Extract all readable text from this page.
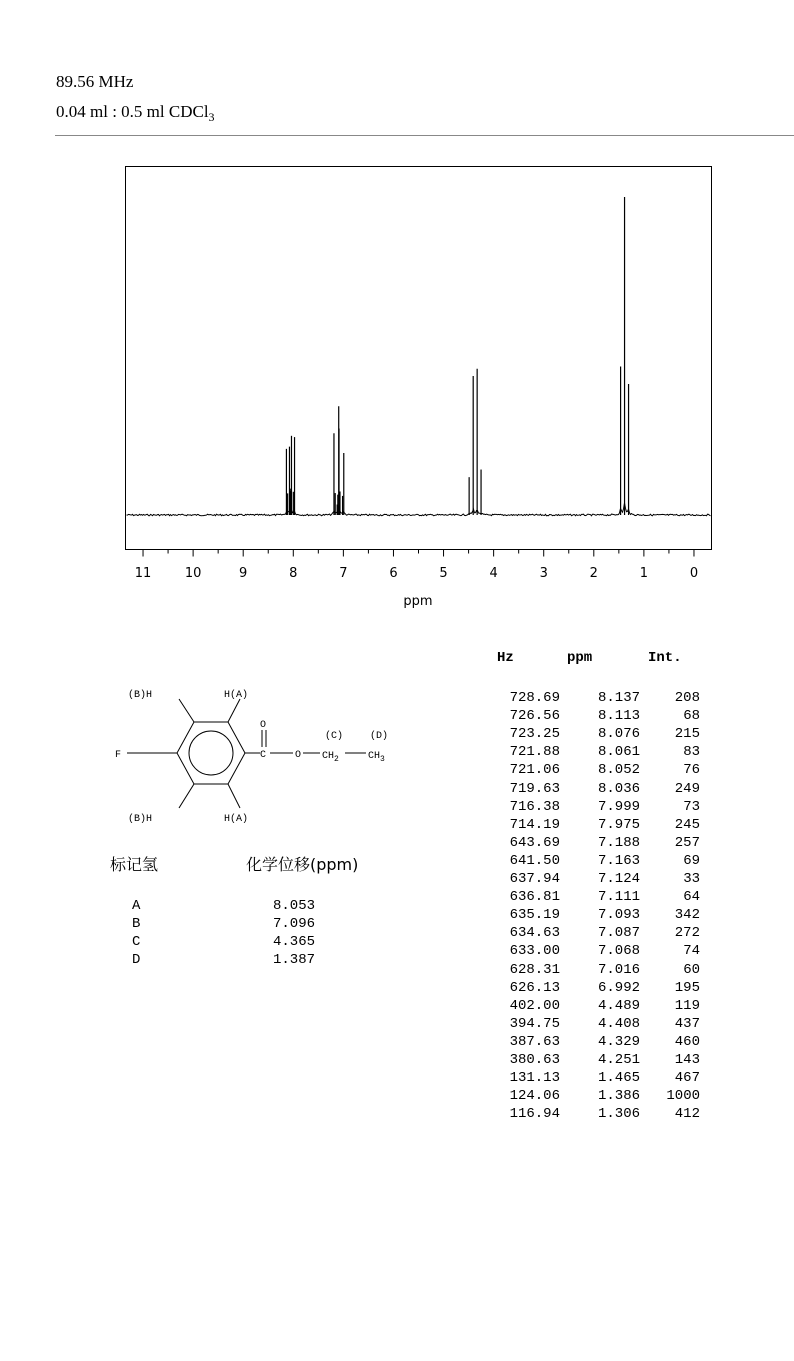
89.56 MHz
0.04 ml : 0.5 ml CDCl$_3$
11	10	9	8	7	6	5	4	3	2	1	0
ppm
(B)H	H(A)
(B)H	H(A)
F
O
C	O $CH_2$	$CH_3$
(C)	(D)
标记氢	化学位移(ppm)
A	8.053
B	7.096
C	4.365
D	1.387
Hz	ppm	Int.
728.69	8.137 208
726.56	8.113	68
723.25	8.076 215
721.88	8.061	83
721.06	8.052	76
719.63	8.036 249
716.38	7.999	73
714.19	7.975 245
643.69	7.188 257
641.50	7.163	69
637.94	7.124	33
636.81	7.111	64
635.19	7.093 342
634.63	7.087 272
633.00	7.068	74
628.31	7.016	60
626.13	6.992 195
402.00	4.489 119
394.75	4.408 437
387.63	4.329 460
380.63	4.251 143
131.13	1.465 467
124.06	1.386 1000
116.94	1.306 412
